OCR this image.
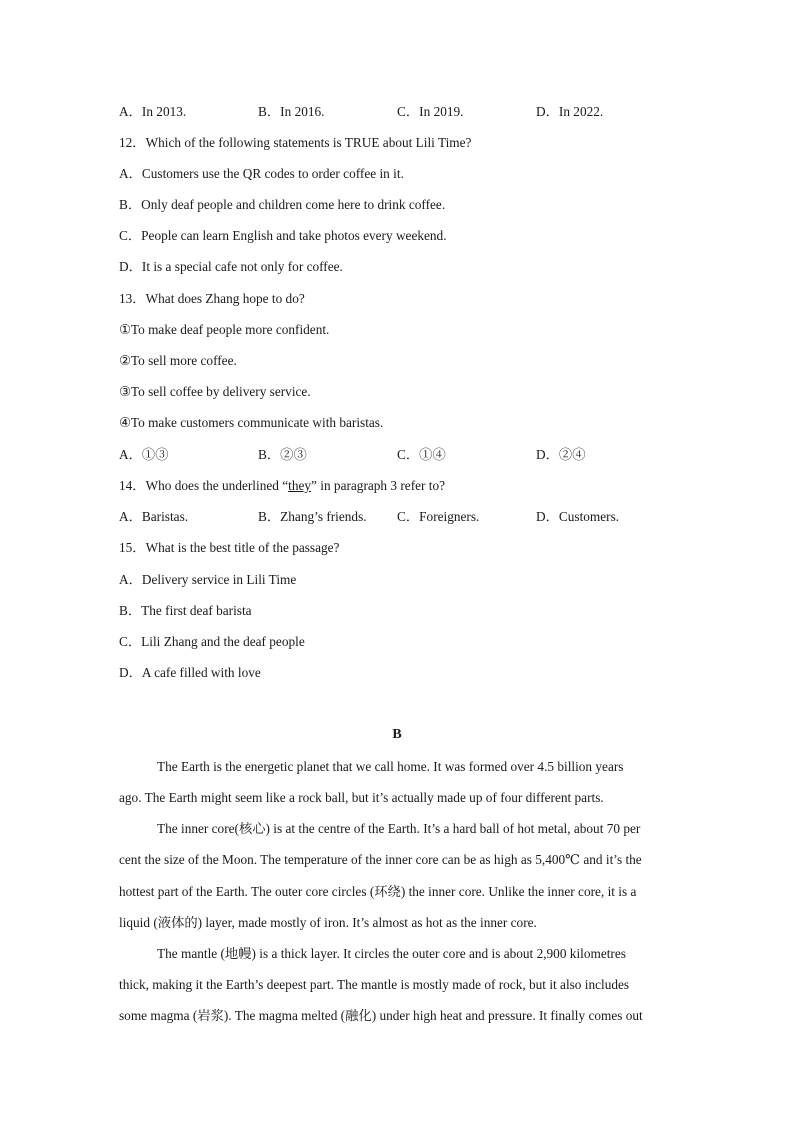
A．In 2013.	B．In 2016.	C．In 2019.	D．In 2022.
12．Which of the following statements is TRUE about Lili Time?
A．Customers use the QR codes to order coffee in it.
B．Only deaf people and children come here to drink coffee.
C．People can learn English and take photos every weekend.
D．It is a special cafe not only for coffee.
13．What does Zhang hope to do?
①To make deaf people more confident.
②To sell more coffee.
③To sell coffee by delivery service.
④To make customers communicate with baristas.
A．①③	B．②③	C．①④	D．②④
14．Who does the underlined “they” in paragraph 3 refer to?
A．Baristas.	B．Zhang’s friends. C．Foreigners.	D．Customers.
15．What is the best title of the passage?
A．Delivery service in Lili Time
B．The first deaf barista
C．Lili Zhang and the deaf people
D．A cafe filled with love
B
The Earth is the energetic planet that we call home. It was formed over 4.5 billion years
ago. The Earth might seem like a rock ball, but it’s actually made up of four different parts.
The inner core(核心) is at the centre of the Earth. It’s a hard ball of hot metal, about 70 per
cent the size of the Moon. The temperature of the inner core can be as high as 5,400℃ and it’s the
hottest part of the Earth. The outer core circles (环绕) the inner core. Unlike the inner core, it is a
liquid (液体的) layer, made mostly of iron. It’s almost as hot as the inner core.
The mantle (地幔) is a thick layer. It circles the outer core and is about 2,900 kilometres
thick, making it the Earth’s deepest part. The mantle is mostly made of rock, but it also includes
some magma (岩浆). The magma melted (融化) under high heat and pressure. It finally comes out
